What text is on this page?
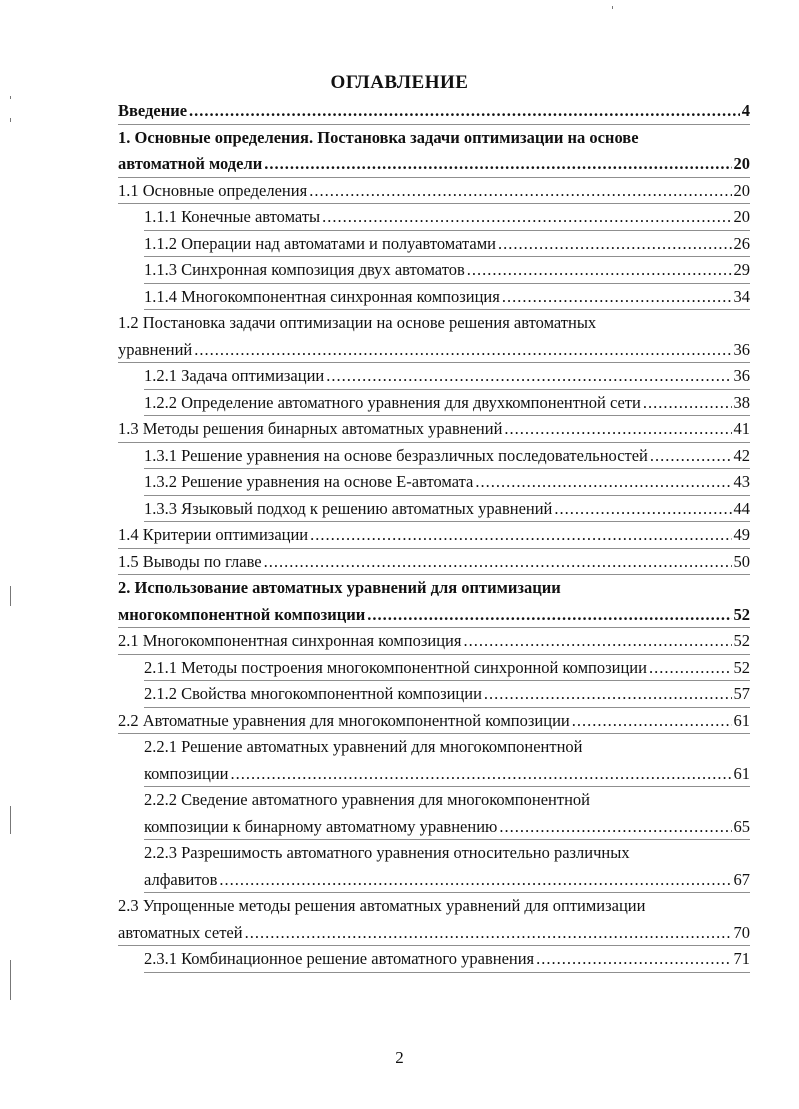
ОГЛАВЛЕНИЕ
Введение .....	4
1. Основные определения. Постановка задачи оптимизации на основе
автоматной модели .....	20
1.1 Основные определения .....	20
1.1.1 Конечные автоматы .....	20
1.1.2 Операции над автоматами и полуавтоматами .....	26
1.1.3 Синхронная композиция двух автоматов .....	29
1.1.4 Многокомпонентная синхронная композиция .....	34
1.2 Постановка задачи оптимизации на основе решения автоматных
уравнений .....	36
1.2.1 Задача оптимизации .....	36
1.2.2 Определение автоматного уравнения для двухкомпонентной сети .....	38
1.3 Методы решения бинарных автоматных уравнений .....	41
1.3.1 Решение уравнения на основе безразличных последовательностей .....	42
1.3.2 Решение уравнения на основе E-автомата .....	43
1.3.3 Языковый подход к решению автоматных уравнений .....	44
1.4 Критерии оптимизации .....	49
1.5 Выводы по главе .....	50
2. Использование автоматных уравнений для оптимизации
многокомпонентной композиции .....	52
2.1 Многокомпонентная синхронная композиция .....	52
2.1.1 Методы построения многокомпонентной синхронной композиции .....	52
2.1.2 Свойства многокомпонентной композиции .....	57
2.2 Автоматные уравнения для многокомпонентной композиции .....	61
2.2.1 Решение автоматных уравнений для многокомпонентной
композиции .....	61
2.2.2 Сведение автоматного уравнения для многокомпонентной
композиции к бинарному автоматному уравнению .....	65
2.2.3 Разрешимость автоматного уравнения относительно различных
алфавитов .....	67
2.3 Упрощенные методы решения автоматных уравнений для оптимизации
автоматных сетей .....	70
2.3.1 Комбинационное решение автоматного уравнения .....	71
2
